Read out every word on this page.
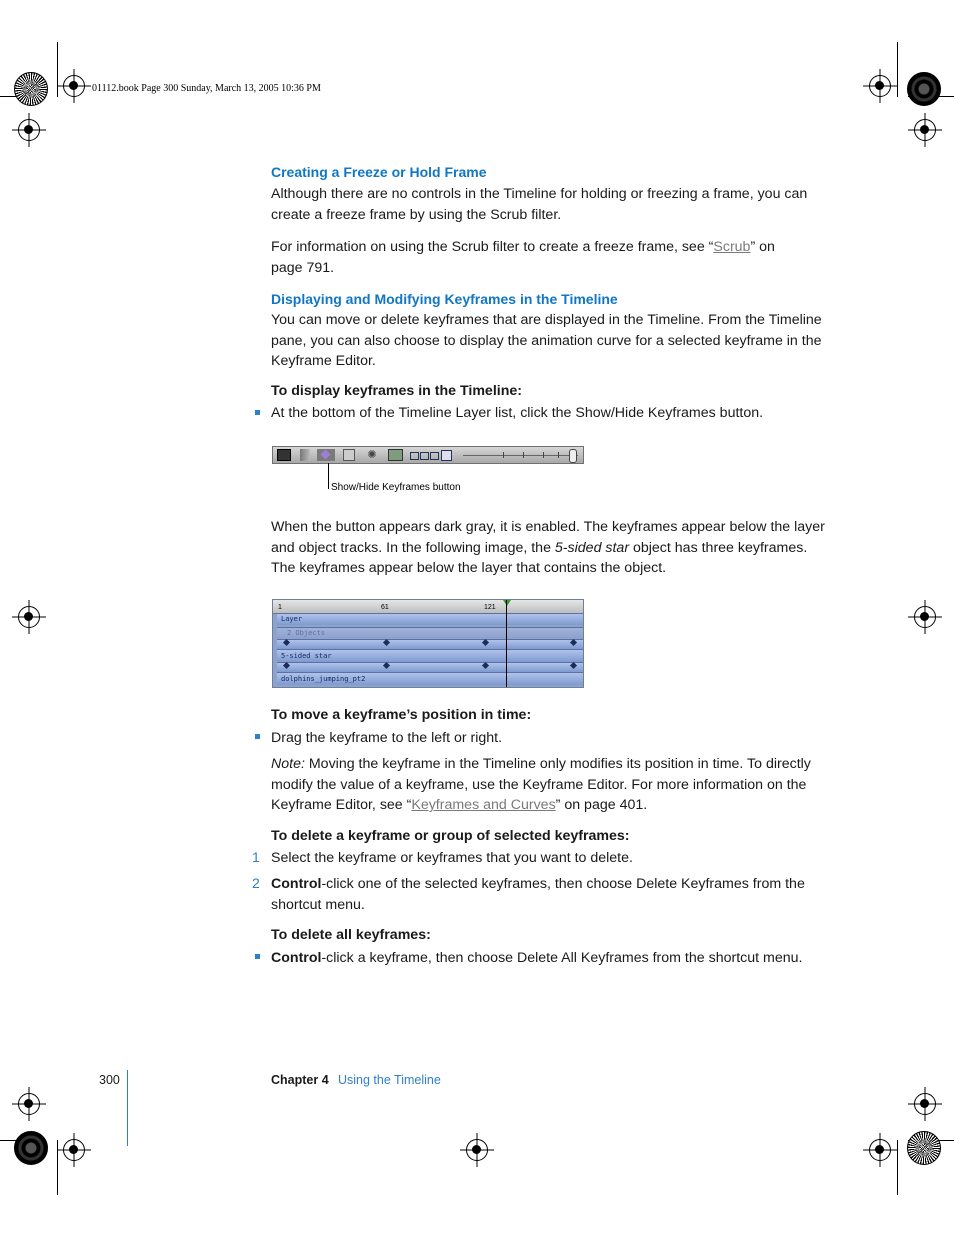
01112.book Page 300 Sunday, March 13, 2005 10:36 PM
Creating a Freeze or Hold Frame

Although there are no controls in the Timeline for holding or freezing a frame, you can create a freeze frame by using the Scrub filter.

For information on using the Scrub filter to create a freeze frame, see “Scrub” on page 791.

Displaying and Modifying Keyframes in the Timeline

You can move or delete keyframes that are displayed in the Timeline. From the Timeline pane, you can also choose to display the animation curve for a selected keyframe in the Keyframe Editor.

To display keyframes in the Timeline:

At the bottom of the Timeline Layer list, click the Show/Hide Keyframes button.

✺
Show/Hide Keyframes button

When the button appears dark gray, it is enabled. The keyframes appear below the layer and object tracks. In the following image, the 5-sided star object has three keyframes. The keyframes appear below the layer that contains the object.

1	61	121
Layer
2 Objects
5-sided star
dolphins_jumping_pt2
To move a keyframe’s position in time:

Drag the keyframe to the left or right.

Note: Moving the keyframe in the Timeline only modifies its position in time. To directly modify the value of a keyframe, use the Keyframe Editor. For more information on the Keyframe Editor, see “Keyframes and Curves” on page 401.

To delete a keyframe or group of selected keyframes:
1 Select the keyframe or keyframes that you want to delete.

2 Control-click one of the selected keyframes, then choose Delete Keyframes from the shortcut menu.

To delete all keyframes:

Control-click a keyframe, then choose Delete All Keyframes from the shortcut menu.

300	Chapter 4 Using the Timeline
